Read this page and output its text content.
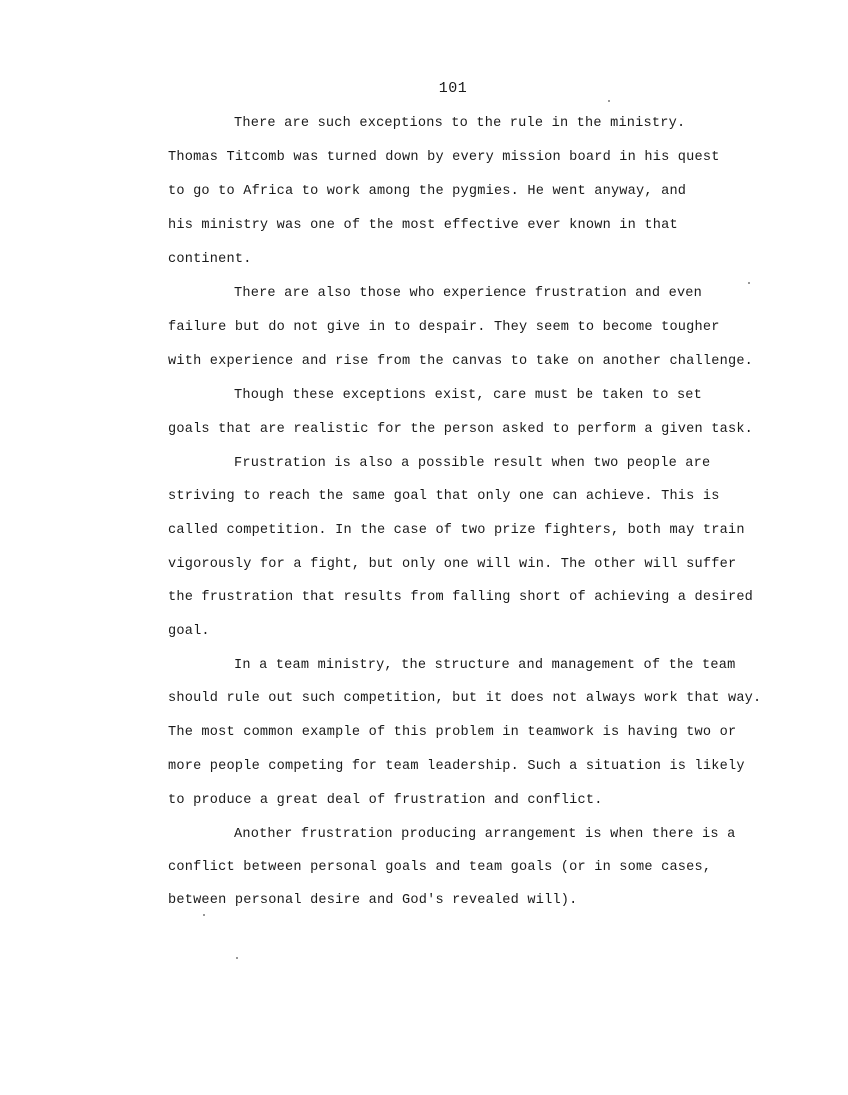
101
There are such exceptions to the rule in the ministry.
Thomas Titcomb was turned down by every mission board in his quest
to go to Africa to work among the pygmies. He went anyway, and
his ministry was one of the most effective ever known in that
continent.
There are also those who experience frustration and even
failure but do not give in to despair. They seem to become tougher
with experience and rise from the canvas to take on another challenge.
Though these exceptions exist, care must be taken to set
goals that are realistic for the person asked to perform a given task.
Frustration is also a possible result when two people are
striving to reach the same goal that only one can achieve. This is
called competition. In the case of two prize fighters, both may train
vigorously for a fight, but only one will win. The other will suffer
the frustration that results from falling short of achieving a desired
goal.
In a team ministry, the structure and management of the team
should rule out such competition, but it does not always work that way.
The most common example of this problem in teamwork is having two or
more people competing for team leadership. Such a situation is likely
to produce a great deal of frustration and conflict.
Another frustration producing arrangement is when there is a
conflict between personal goals and team goals (or in some cases,
between personal desire and God's revealed will).
